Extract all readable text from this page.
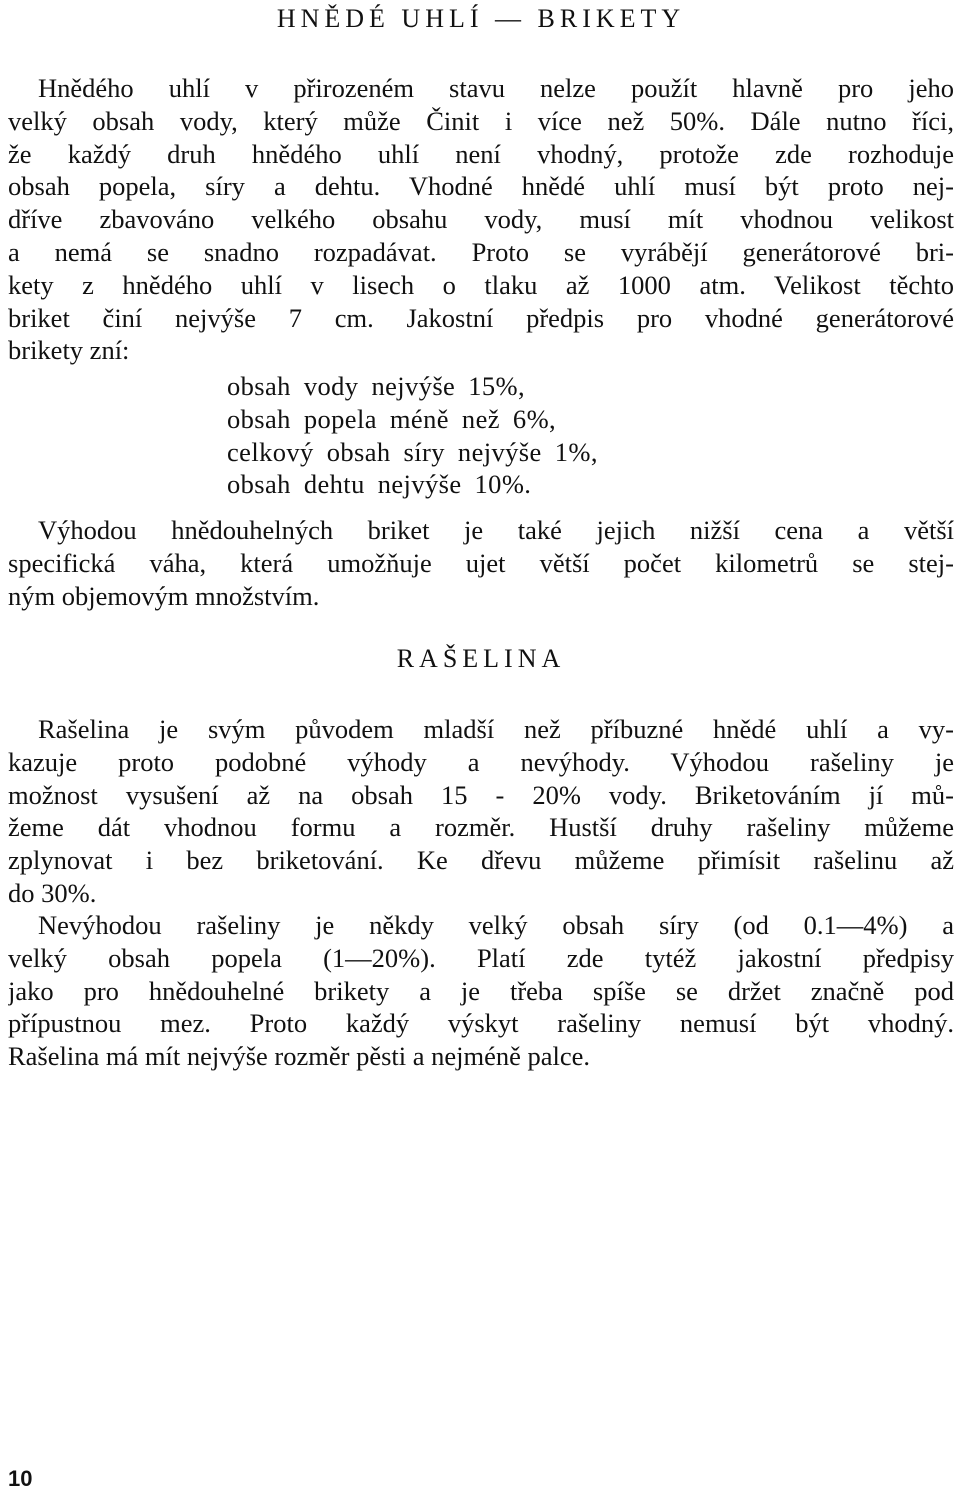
HNĚDÉ UHLÍ — BRIKETY
Hnědého uhlí v přirozeném stavu nelze použít hlavně pro jeho
velký obsah vody, který může Činit i více než 50%. Dále nutno říci,
že každý druh hnědého uhlí není vhodný, protože zde rozhoduje
obsah popela, síry a dehtu. Vhodné hnědé uhlí musí být proto nej-
dříve zbavováno velkého obsahu vody, musí mít vhodnou velikost
a nemá se snadno rozpadávat. Proto se vyrábějí generátorové bri-
kety z hnědého uhlí v lisech o tlaku až 1000 atm. Velikost těchto
briket činí nejvýše 7 cm. Jakostní předpis pro vhodné generátorové
brikety zní:
obsah vody nejvýše 15%,
obsah popela méně než 6%,
celkový obsah síry nejvýše 1%,
obsah dehtu nejvýše 10%.
Výhodou hnědouhelných briket je také jejich nižší cena a větší
specifická váha, která umožňuje ujet větší počet kilometrů se stej-
ným objemovým množstvím.
RAŠELINA
Rašelina je svým původem mladší než příbuzné hnědé uhlí a vy-
kazuje proto podobné výhody a nevýhody. Výhodou rašeliny je
možnost vysušení až na obsah 15 - 20% vody. Briketováním jí mů-
žeme dát vhodnou formu a rozměr. Hustší druhy rašeliny můžeme
zplynovat i bez briketování. Ke dřevu můžeme přimísit rašelinu až
do 30%.
Nevýhodou rašeliny je někdy velký obsah síry (od 0.1—4%) a
velký obsah popela (1—20%). Platí zde tytéž jakostní předpisy
jako pro hnědouhelné brikety a je třeba spíše se držet značně pod
přípustnou mez. Proto každý výskyt rašeliny nemusí být vhodný.
Rašelina má mít nejvýše rozměr pěsti a nejméně palce.
10
